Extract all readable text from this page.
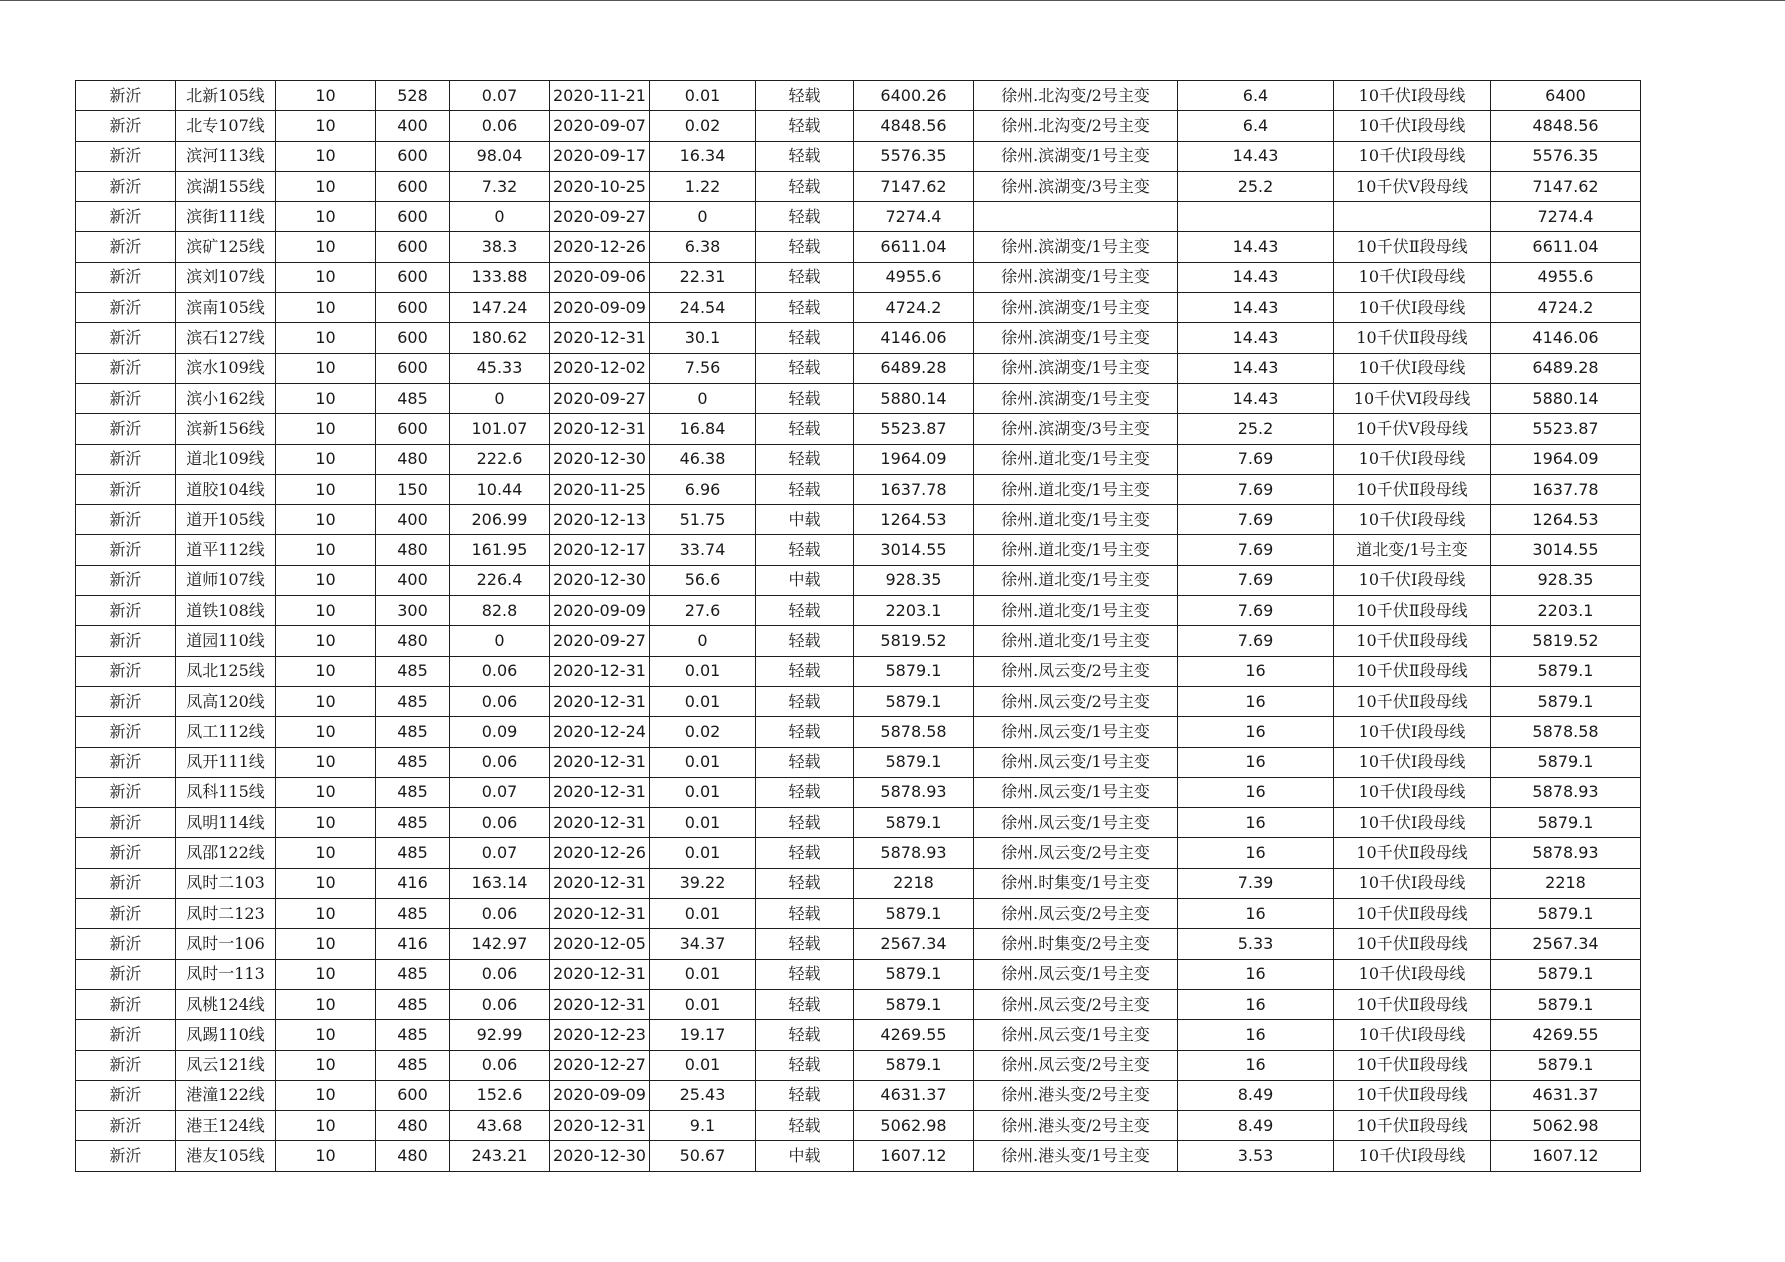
新沂	北新105线	10	528	0.07	2020-11-21	0.01	轻载	6400.26	徐州.北沟变/2号主变	6.4	10千伏Ⅰ段母线	6400
新沂	北专107线	10	400	0.06	2020-09-07	0.02	轻载	4848.56	徐州.北沟变/2号主变	6.4	10千伏Ⅰ段母线	4848.56
新沂	滨河113线	10	600	98.04	2020-09-17	16.34	轻载	5576.35	徐州.滨湖变/1号主变	14.43	10千伏Ⅰ段母线	5576.35
新沂	滨湖155线	10	600	7.32	2020-10-25	1.22	轻载	7147.62	徐州.滨湖变/3号主变	25.2	10千伏Ⅴ段母线	7147.62
新沂	滨街111线	10	600	0	2020-09-27	0	轻载	7274.4				7274.4
新沂	滨矿125线	10	600	38.3	2020-12-26	6.38	轻载	6611.04	徐州.滨湖变/1号主变	14.43	10千伏Ⅱ段母线	6611.04
新沂	滨刘107线	10	600	133.88	2020-09-06	22.31	轻载	4955.6	徐州.滨湖变/1号主变	14.43	10千伏Ⅰ段母线	4955.6
新沂	滨南105线	10	600	147.24	2020-09-09	24.54	轻载	4724.2	徐州.滨湖变/1号主变	14.43	10千伏Ⅰ段母线	4724.2
新沂	滨石127线	10	600	180.62	2020-12-31	30.1	轻载	4146.06	徐州.滨湖变/1号主变	14.43	10千伏Ⅱ段母线	4146.06
新沂	滨水109线	10	600	45.33	2020-12-02	7.56	轻载	6489.28	徐州.滨湖变/1号主变	14.43	10千伏Ⅰ段母线	6489.28
新沂	滨小162线	10	485	0	2020-09-27	0	轻载	5880.14	徐州.滨湖变/1号主变	14.43	10千伏Ⅵ段母线	5880.14
新沂	滨新156线	10	600	101.07	2020-12-31	16.84	轻载	5523.87	徐州.滨湖变/3号主变	25.2	10千伏Ⅴ段母线	5523.87
新沂	道北109线	10	480	222.6	2020-12-30	46.38	轻载	1964.09	徐州.道北变/1号主变	7.69	10千伏Ⅰ段母线	1964.09
新沂	道胶104线	10	150	10.44	2020-11-25	6.96	轻载	1637.78	徐州.道北变/1号主变	7.69	10千伏Ⅱ段母线	1637.78
新沂	道开105线	10	400	206.99	2020-12-13	51.75	中载	1264.53	徐州.道北变/1号主变	7.69	10千伏Ⅰ段母线	1264.53
新沂	道平112线	10	480	161.95	2020-12-17	33.74	轻载	3014.55	徐州.道北变/1号主变	7.69	道北变/1号主变	3014.55
新沂	道师107线	10	400	226.4	2020-12-30	56.6	中载	928.35	徐州.道北变/1号主变	7.69	10千伏Ⅰ段母线	928.35
新沂	道铁108线	10	300	82.8	2020-09-09	27.6	轻载	2203.1	徐州.道北变/1号主变	7.69	10千伏Ⅱ段母线	2203.1
新沂	道园110线	10	480	0	2020-09-27	0	轻载	5819.52	徐州.道北变/1号主变	7.69	10千伏Ⅱ段母线	5819.52
新沂	凤北125线	10	485	0.06	2020-12-31	0.01	轻载	5879.1	徐州.凤云变/2号主变	16	10千伏Ⅱ段母线	5879.1
新沂	凤高120线	10	485	0.06	2020-12-31	0.01	轻载	5879.1	徐州.凤云变/2号主变	16	10千伏Ⅱ段母线	5879.1
新沂	凤工112线	10	485	0.09	2020-12-24	0.02	轻载	5878.58	徐州.凤云变/1号主变	16	10千伏Ⅰ段母线	5878.58
新沂	凤开111线	10	485	0.06	2020-12-31	0.01	轻载	5879.1	徐州.凤云变/1号主变	16	10千伏Ⅰ段母线	5879.1
新沂	凤科115线	10	485	0.07	2020-12-31	0.01	轻载	5878.93	徐州.凤云变/1号主变	16	10千伏Ⅰ段母线	5878.93
新沂	凤明114线	10	485	0.06	2020-12-31	0.01	轻载	5879.1	徐州.凤云变/1号主变	16	10千伏Ⅰ段母线	5879.1
新沂	凤邵122线	10	485	0.07	2020-12-26	0.01	轻载	5878.93	徐州.凤云变/2号主变	16	10千伏Ⅱ段母线	5878.93
新沂	凤时二103	10	416	163.14	2020-12-31	39.22	轻载	2218	徐州.时集变/1号主变	7.39	10千伏Ⅰ段母线	2218
新沂	凤时二123	10	485	0.06	2020-12-31	0.01	轻载	5879.1	徐州.凤云变/2号主变	16	10千伏Ⅱ段母线	5879.1
新沂	凤时一106	10	416	142.97	2020-12-05	34.37	轻载	2567.34	徐州.时集变/2号主变	5.33	10千伏Ⅱ段母线	2567.34
新沂	凤时一113	10	485	0.06	2020-12-31	0.01	轻载	5879.1	徐州.凤云变/1号主变	16	10千伏Ⅰ段母线	5879.1
新沂	凤桃124线	10	485	0.06	2020-12-31	0.01	轻载	5879.1	徐州.凤云变/2号主变	16	10千伏Ⅱ段母线	5879.1
新沂	凤踢110线	10	485	92.99	2020-12-23	19.17	轻载	4269.55	徐州.凤云变/1号主变	16	10千伏Ⅰ段母线	4269.55
新沂	凤云121线	10	485	0.06	2020-12-27	0.01	轻载	5879.1	徐州.凤云变/2号主变	16	10千伏Ⅱ段母线	5879.1
新沂	港潼122线	10	600	152.6	2020-09-09	25.43	轻载	4631.37	徐州.港头变/2号主变	8.49	10千伏Ⅱ段母线	4631.37
新沂	港王124线	10	480	43.68	2020-12-31	9.1	轻载	5062.98	徐州.港头变/2号主变	8.49	10千伏Ⅱ段母线	5062.98
新沂	港友105线	10	480	243.21	2020-12-30	50.67	中载	1607.12	徐州.港头变/1号主变	3.53	10千伏Ⅰ段母线	1607.12
